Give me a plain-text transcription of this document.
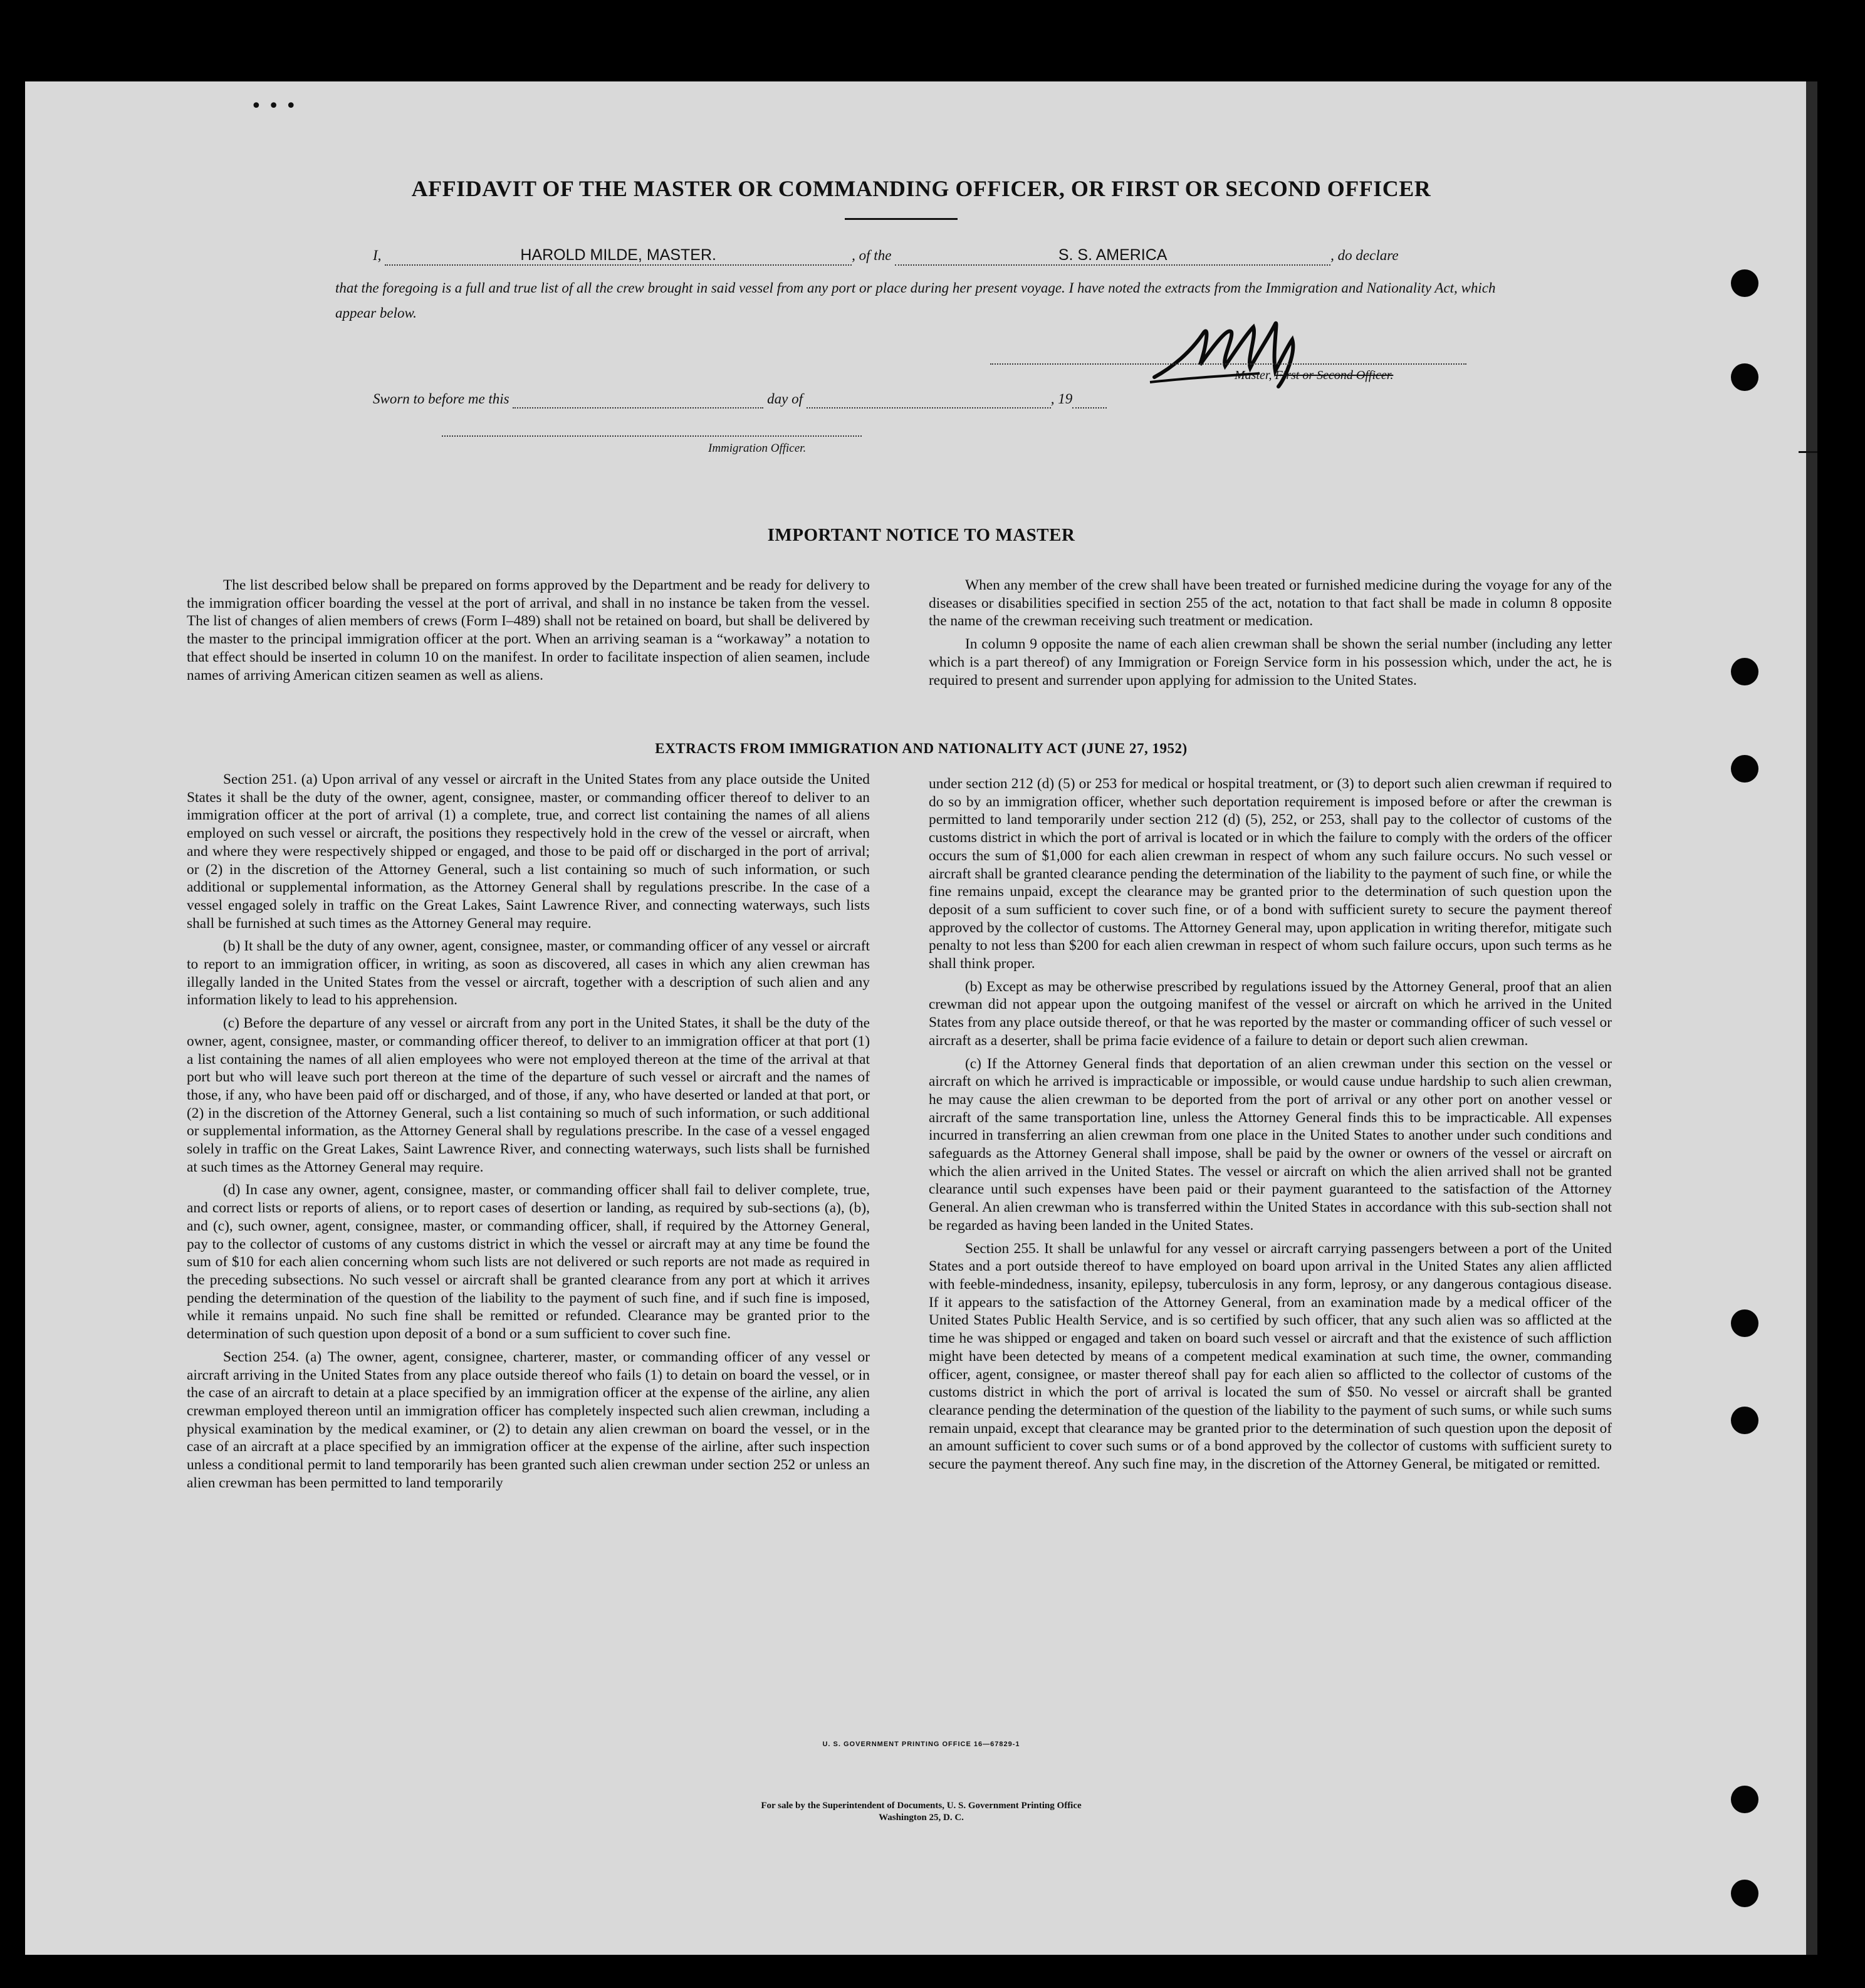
•••
AFFIDAVIT OF THE MASTER OR COMMANDING OFFICER, OR FIRST OR SECOND OFFICER
I,	HAROLD MILDE, MASTER.	, of the	S. S. AMERICA	, do declare
that the foregoing is a full and true list of all the crew brought in said vessel from any port or place during her present voyage. I have noted the extracts from the Immigration and Nationality Act, which appear below.
Master, First or Second Officer.
Sworn to before me this	day of	, 19
Immigration Officer.
IMPORTANT NOTICE TO MASTER

The list described below shall be prepared on forms approved by the Department and be ready for delivery to the immigration officer boarding the vessel at the port of arrival, and shall in no instance be taken from the vessel. The list of changes of alien members of crews (Form I–489) shall not be retained on board, but shall be delivered by the master to the principal immigration officer at the port. When an arriving seaman is a “workaway” a notation to that effect should be inserted in column 10 on the manifest. In order to facilitate inspection of alien seamen, include names of arriving American citizen seamen as well as aliens.

When any member of the crew shall have been treated or furnished medicine during the voyage for any of the diseases or disabilities specified in section 255 of the act, notation to that fact shall be made in column 8 opposite the name of the crewman receiving such treatment or medication.

In column 9 opposite the name of each alien crewman shall be shown the serial number (including any letter which is a part thereof) of any Immigration or Foreign Service form in his possession which, under the act, he is required to present and surrender upon applying for admission to the United States.

EXTRACTS FROM IMMIGRATION AND NATIONALITY ACT (JUNE 27, 1952)

Section 251. (a) Upon arrival of any vessel or aircraft in the United States from any place outside the United States it shall be the duty of the owner, agent, consignee, master, or commanding officer thereof to deliver to an immigration officer at the port of arrival (1) a complete, true, and correct list containing the names of all aliens employed on such vessel or aircraft, the positions they respectively hold in the crew of the vessel or aircraft, when and where they were respectively shipped or engaged, and those to be paid off or discharged in the port of arrival; or (2) in the discretion of the Attorney General, such a list containing so much of such information, or such additional or supplemental information, as the Attorney General shall by regulations prescribe. In the case of a vessel engaged solely in traffic on the Great Lakes, Saint Lawrence River, and connecting waterways, such lists shall be furnished at such times as the Attorney General may require.

(b) It shall be the duty of any owner, agent, consignee, master, or commanding officer of any vessel or aircraft to report to an immigration officer, in writing, as soon as discovered, all cases in which any alien crewman has illegally landed in the United States from the vessel or aircraft, together with a description of such alien and any information likely to lead to his apprehension.

(c) Before the departure of any vessel or aircraft from any port in the United States, it shall be the duty of the owner, agent, consignee, master, or commanding officer thereof, to deliver to an immigration officer at that port (1) a list containing the names of all alien employees who were not employed thereon at the time of the arrival at that port but who will leave such port thereon at the time of the departure of such vessel or aircraft and the names of those, if any, who have been paid off or discharged, and of those, if any, who have deserted or landed at that port, or (2) in the discretion of the Attorney General, such a list containing so much of such information, or such additional or supplemental information, as the Attorney General shall by regulations prescribe. In the case of a vessel engaged solely in traffic on the Great Lakes, Saint Lawrence River, and connecting waterways, such lists shall be furnished at such times as the Attorney General may require.

(d) In case any owner, agent, consignee, master, or commanding officer shall fail to deliver complete, true, and correct lists or reports of aliens, or to report cases of desertion or landing, as required by sub-sections (a), (b), and (c), such owner, agent, consignee, master, or commanding officer, shall, if required by the Attorney General, pay to the collector of customs of any customs district in which the vessel or aircraft may at any time be found the sum of $10 for each alien concerning whom such lists are not delivered or such reports are not made as required in the preceding subsections. No such vessel or aircraft shall be granted clearance from any port at which it arrives pending the determination of the question of the liability to the payment of such fine, and if such fine is imposed, while it remains unpaid. No such fine shall be remitted or refunded. Clearance may be granted prior to the determination of such question upon deposit of a bond or a sum sufficient to cover such fine.

Section 254. (a) The owner, agent, consignee, charterer, master, or commanding officer of any vessel or aircraft arriving in the United States from any place outside thereof who fails (1) to detain on board the vessel, or in the case of an aircraft to detain at a place specified by an immigration officer at the expense of the airline, any alien crewman employed thereon until an immigration officer has completely inspected such alien crewman, including a physical examination by the medical examiner, or (2) to detain any alien crewman on board the vessel, or in the case of an aircraft at a place specified by an immigration officer at the expense of the airline, after such inspection unless a conditional permit to land temporarily has been granted such alien crewman under section 252 or unless an alien crewman has been permitted to land temporarily

under section 212 (d) (5) or 253 for medical or hospital treatment, or (3) to deport such alien crewman if required to do so by an immigration officer, whether such deportation requirement is imposed before or after the crewman is permitted to land temporarily under section 212 (d) (5), 252, or 253, shall pay to the collector of customs of the customs district in which the port of arrival is located or in which the failure to comply with the orders of the officer occurs the sum of $1,000 for each alien crewman in respect of whom any such failure occurs. No such vessel or aircraft shall be granted clearance pending the determination of the liability to the payment of such fine, or while the fine remains unpaid, except the clearance may be granted prior to the determination of such question upon the deposit of a sum sufficient to cover such fine, or of a bond with sufficient surety to secure the payment thereof approved by the collector of customs. The Attorney General may, upon application in writing therefor, mitigate such penalty to not less than $200 for each alien crewman in respect of whom such failure occurs, upon such terms as he shall think proper.

(b) Except as may be otherwise prescribed by regulations issued by the Attorney General, proof that an alien crewman did not appear upon the outgoing manifest of the vessel or aircraft on which he arrived in the United States from any place outside thereof, or that he was reported by the master or commanding officer of such vessel or aircraft as a deserter, shall be prima facie evidence of a failure to detain or deport such alien crewman.

(c) If the Attorney General finds that deportation of an alien crewman under this section on the vessel or aircraft on which he arrived is impracticable or impossible, or would cause undue hardship to such alien crewman, he may cause the alien crewman to be deported from the port of arrival or any other port on another vessel or aircraft of the same transportation line, unless the Attorney General finds this to be impracticable. All expenses incurred in transferring an alien crewman from one place in the United States to another under such conditions and safeguards as the Attorney General shall impose, shall be paid by the owner or owners of the vessel or aircraft on which the alien arrived in the United States. The vessel or aircraft on which the alien arrived shall not be granted clearance until such expenses have been paid or their payment guaranteed to the satisfaction of the Attorney General. An alien crewman who is transferred within the United States in accordance with this sub-section shall not be regarded as having been landed in the United States.

Section 255. It shall be unlawful for any vessel or aircraft carrying passengers between a port of the United States and a port outside thereof to have employed on board upon arrival in the United States any alien afflicted with feeble-mindedness, insanity, epilepsy, tuberculosis in any form, leprosy, or any dangerous contagious disease. If it appears to the satisfaction of the Attorney General, from an examination made by a medical officer of the United States Public Health Service, and is so certified by such officer, that any such alien was so afflicted at the time he was shipped or engaged and taken on board such vessel or aircraft and that the existence of such affliction might have been detected by means of a competent medical examination at such time, the owner, commanding officer, agent, consignee, or master thereof shall pay for each alien so afflicted to the collector of customs of the customs district in which the port of arrival is located the sum of $50. No vessel or aircraft shall be granted clearance pending the determination of the question of the liability to the payment of such sums, or while such sums remain unpaid, except that clearance may be granted prior to the determination of such question upon the deposit of an amount sufficient to cover such sums or of a bond approved by the collector of customs with sufficient surety to secure the payment thereof. Any such fine may, in the discretion of the Attorney General, be mitigated or remitted.

U. S. GOVERNMENT PRINTING OFFICE 16—67829-1
For sale by the Superintendent of Documents, U. S. Government Printing Office
Washington 25, D. C.
